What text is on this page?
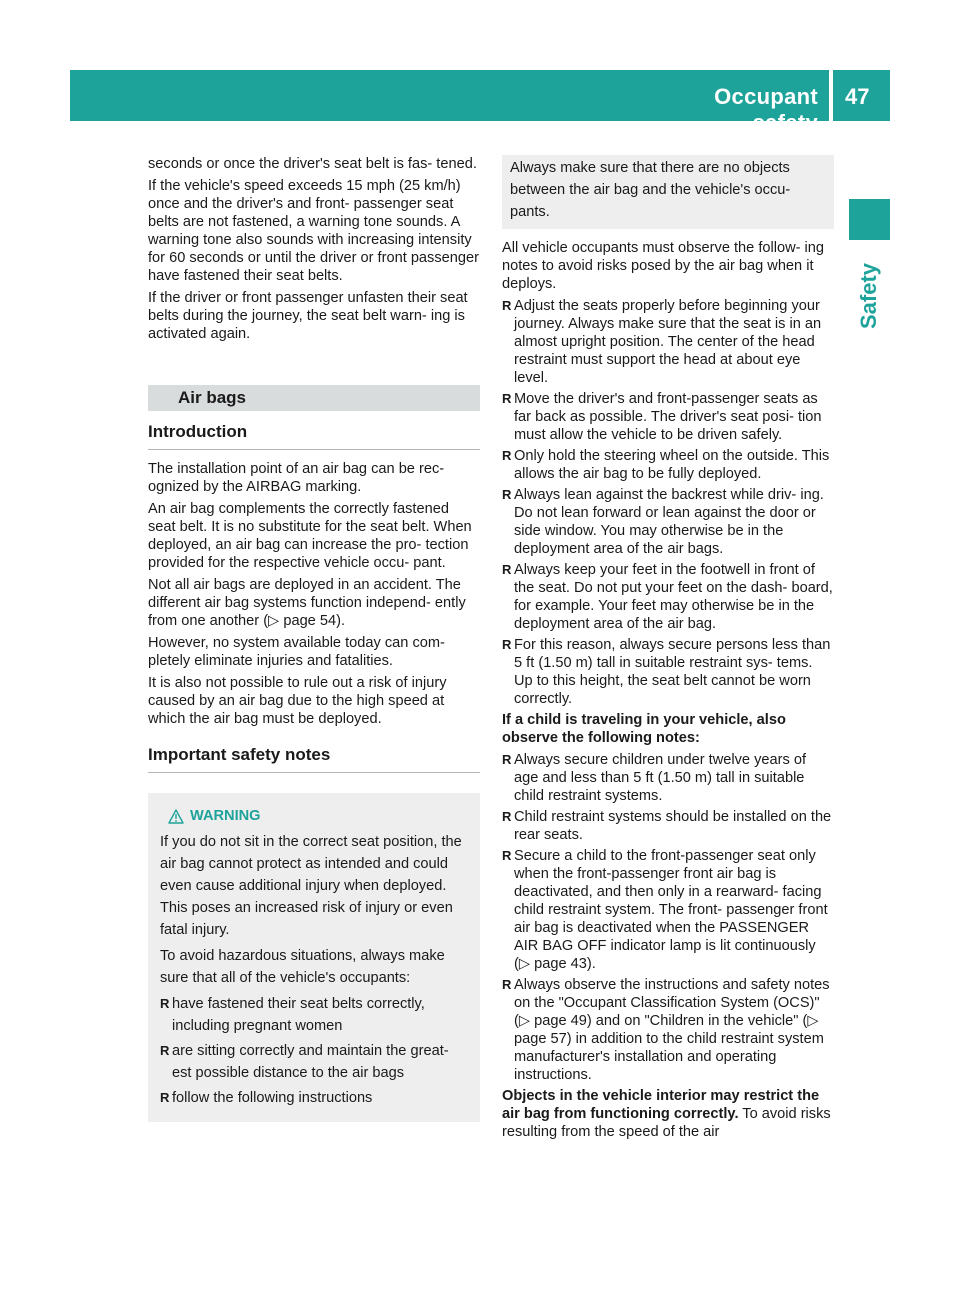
Occupant safety
47
Safety

seconds or once the driver's seat belt is fas- tened.

If the vehicle's speed exceeds 15 mph (25 km/h) once and the driver's and front- passenger seat belts are not fastened, a warning tone sounds. A warning tone also sounds with increasing intensity for 60 seconds or until the driver or front passenger have fastened their seat belts.

If the driver or front passenger unfasten their seat belts during the journey, the seat belt warn- ing is activated again.

Air bags
Introduction

The installation point of an air bag can be rec- ognized by the AIRBAG marking.

An air bag complements the correctly fastened seat belt. It is no substitute for the seat belt. When deployed, an air bag can increase the pro- tection provided for the respective vehicle occu- pant.

Not all air bags are deployed in an accident. The different air bag systems function independ- ently from one another (▷ page 54).

However, no system available today can com- pletely eliminate injuries and fatalities.

It is also not possible to rule out a risk of injury caused by an air bag due to the high speed at which the air bag must be deployed.

Important safety notes
WARNING

If you do not sit in the correct seat position, the air bag cannot protect as intended and could even cause additional injury when deployed. This poses an increased risk of injury or even fatal injury.

To avoid hazardous situations, always make sure that all of the vehicle's occupants:

R have fastened their seat belts correctly, including pregnant women
R are sitting correctly and maintain the great- est possible distance to the air bags
R follow the following instructions
Always make sure that there are no objects between the air bag and the vehicle's occu- pants.

All vehicle occupants must observe the follow- ing notes to avoid risks posed by the air bag when it deploys.

R Adjust the seats properly before beginning your journey. Always make sure that the seat is in an almost upright position. The center of the head restraint must support the head at about eye level.
R Move the driver's and front-passenger seats as far back as possible. The driver's seat posi- tion must allow the vehicle to be driven safely.
R Only hold the steering wheel on the outside. This allows the air bag to be fully deployed.
R Always lean against the backrest while driv- ing. Do not lean forward or lean against the door or side window. You may otherwise be in the deployment area of the air bags.
R Always keep your feet in the footwell in front of the seat. Do not put your feet on the dash- board, for example. Your feet may otherwise be in the deployment area of the air bag.
R For this reason, always secure persons less than 5 ft (1.50 m) tall in suitable restraint sys- tems. Up to this height, the seat belt cannot be worn correctly.

If a child is traveling in your vehicle, also observe the following notes:

R Always secure children under twelve years of age and less than 5 ft (1.50 m) tall in suitable child restraint systems.
R Child restraint systems should be installed on the rear seats.
R Secure a child to the front-passenger seat only when the front-passenger front air bag is deactivated, and then only in a rearward- facing child restraint system. The front- passenger front air bag is deactivated when the PASSENGER AIR BAG OFF indicator lamp is lit continuously (▷ page 43).
R Always observe the instructions and safety notes on the "Occupant Classification System (OCS)" (▷ page 49) and on "Children in the vehicle" (▷ page 57) in addition to the child restraint system manufacturer's installation and operating instructions.

Objects in the vehicle interior may restrict the air bag from functioning correctly. To avoid risks resulting from the speed of the air
